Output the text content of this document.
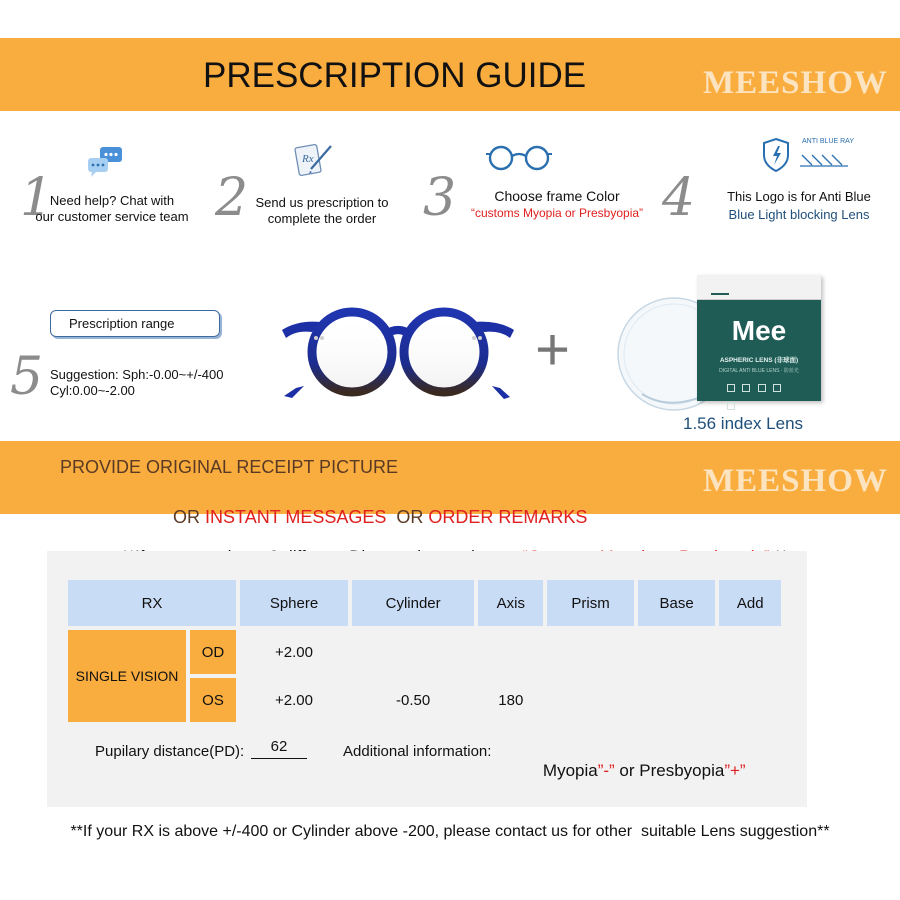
PRESCRIPTION GUIDE	MEESHOW
1
Need help? Chat with
our customer service team 2
Rx
Send us prescription to
complete the order 3	Choose frame Color
“customs Myopia or Presbyopia” 4
ANTI BLUE RAY
This Logo is for Anti Blue
Blue Light blocking Lens
Prescription range
5 Suggestion: Sph:-0.00~+/-400
Cyl:0.00~-2.00
+	Mee
ASPHERIC LENS (非球面)
DIGITAL ANTI BLUE LENS · 防蓝光

1.56 index Lens
PROVIDE ORIGINAL RECEIPT PICTURE

OR INSTANT MESSAGES  OR ORDER REMARKS

MEESHOW

RX		Sphere	Cylinder	Axis	Prism	Base	Add
SINGLE VISION	OD	+2.00					
	OS	+2.00	-0.50	180			
Pupilary distance(PD):	62	Additional information:

Myopia”-” or Presbyopia”+”

**If your RX is above +/-400 or Cylinder above -200, please contact us for other  suitable Lens suggestion**
